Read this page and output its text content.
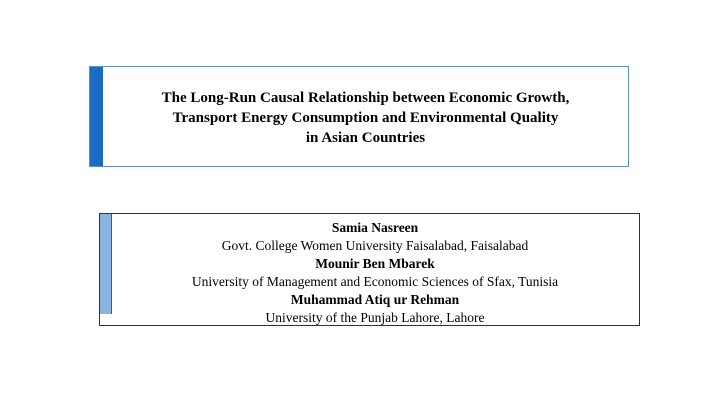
The Long-Run Causal Relationship between Economic Growth,
Transport Energy Consumption and Environmental Quality
in Asian Countries
Samia Nasreen
Govt. College Women University Faisalabad, Faisalabad
Mounir Ben Mbarek
University of Management and Economic Sciences of Sfax, Tunisia
Muhammad Atiq ur Rehman
University of the Punjab Lahore, Lahore
